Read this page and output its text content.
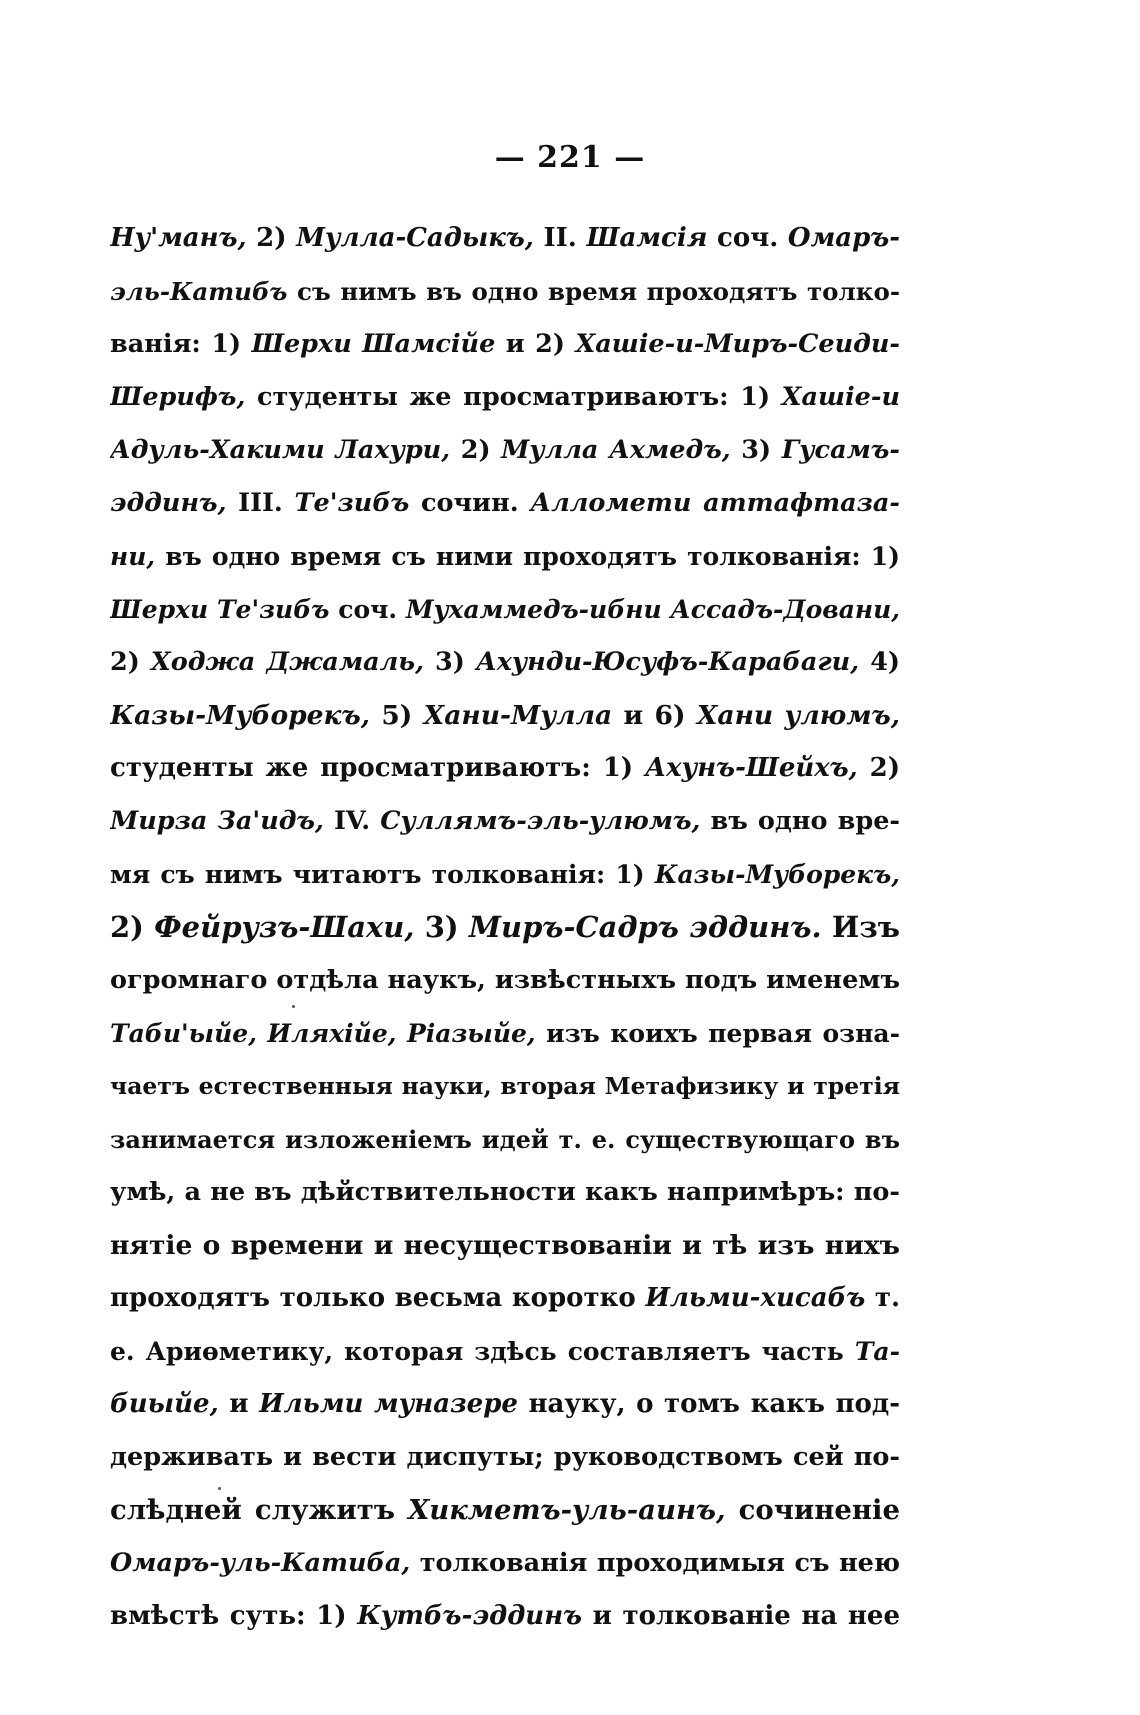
— 221 —
Ну'манъ, 2) Мулла-Садыкъ, II. Шамсія соч. Омаръ-
эль-Катибъ съ нимъ въ одно время проходятъ толко-
ванія: 1) Шерхи Шамсійе и 2) Хашіе-и-Миръ-Сеиди-
Шерифъ, студенты же просматриваютъ: 1) Хашіе-и
Адуль-Хакими Лахури, 2) Мулла Ахмедъ, 3) Гусамъ-
эддинъ, III. Те'зибъ сочин. Алломети аттафтаза-
ни, въ одно время съ ними проходятъ толкованія: 1)
Шерхи Те'зибъ соч. Мухаммедъ-ибни Ассадъ-Довани,
2) Ходжа Джамаль, 3) Ахунди-Юсуфъ-Карабаги, 4)
Казы-Муборекъ, 5) Хани-Мулла и 6) Хани улюмъ,
студенты же просматриваютъ: 1) Ахунъ-Шейхъ, 2)
Мирза За'идъ, IV. Суллямъ-эль-улюмъ, въ одно вре-
мя съ нимъ читаютъ толкованія: 1) Казы-Муборекъ,
2) Фейрузъ-Шахи, 3) Миръ-Садръ эддинъ. Изъ
огромнаго отдѣла наукъ, извѣстныхъ подъ именемъ
Таби'ыйе, Иляхійе, Ріазыйе, изъ коихъ первая озна-
чаетъ естественныя науки, вторая Метафизику и третія
занимается изложеніемъ идей т. е. существующаго въ
умѣ, а не въ дѣйствительности какъ напримѣръ: по-
нятіе о времени и несуществованіи и тѣ изъ нихъ
проходятъ только весьма коротко Ильми-хисабъ т.
е. Ариөметику, которая здѣсь составляетъ часть Та-
биыйе, и Ильми муназере науку, о томъ какъ под-
держивать и вести диспуты; руководствомъ сей по-
слѣдней служитъ Хикметъ-уль-аинъ, сочиненіе
Омаръ-уль-Катиба, толкованія проходимыя съ нею
вмѣстѣ суть: 1) Кутбъ-эддинъ и толкованіе на нее
